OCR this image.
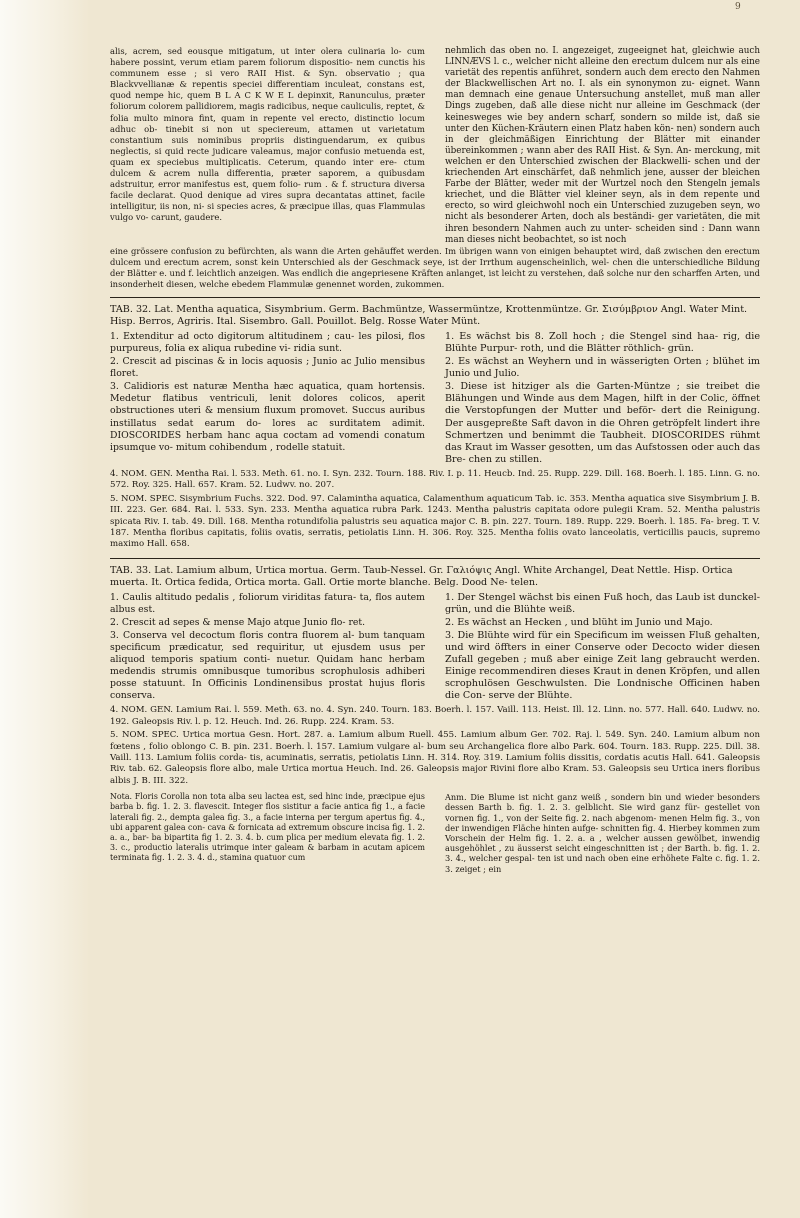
9

alis, acrem, sed eousque mitigatum, ut inter olera culinaria lo- cum habere possint, verum etiam parem foliorum dispositio- nem cunctis his communem esse ; si vero RAII Hist. & Syn. observatio ; qua Blackvvellianæ & repentis speciei differentiam inculeat, constans est, quod nempe hic, quem B L A C K W E L depinxit, Ranunculus, præter foliorum colorem pallidiorem, magis radicibus, neque cauliculis, reptet, & folia multo minora fint, quam in repente vel erecto, distinctio locum adhuc ob- tinebit si non ut speciereum, attamen ut varietatum constantium suis nominibus propriis distinguendarum, ex quibus neglectis, si quid recte judicare valeamus, major confusio metuenda est, quam ex speciebus multiplicatis. Ceterum, quando inter ere- ctum dulcem & acrem nulla differentia, præter saporem, a quibusdam adstruitur, error manifestus est, quem folio- rum . & f. structura diversa facile declarat. Quod denique ad vires supra decantatas attinet, facile intelligitur, iis non, ni- si species acres, & præcipue illas, quas Flammulas vulgo vo- carunt, gaudere.

nehmlich das oben no. I. angezeiget, zugeeignet hat, gleichwie auch LINNÆVS l. c., welcher nicht alleine den erectum dulcem nur als eine varietät des repentis anführet, sondern auch dem erecto den Nahmen der Blackwellischen Art no. I. als ein synonymon zu- eignet. Wann man demnach eine genaue Untersuchung anstellet, muß man aller Dings zugeben, daß alle diese nicht nur alleine im Geschmack (der keinesweges wie bey andern scharf, sondern so milde ist, daß sie unter den Küchen-Kräutern einen Platz haben kön- nen) sondern auch in der gleichmäßigen Einrichtung der Blätter mit einander übereinkommen ; wann aber des RAII Hist. & Syn. An- merckung, mit welchen er den Unterschied zwischen der Blackwelli- schen und der kriechenden Art einschärfet, daß nehmlich jene, ausser der bleichen Farbe der Blätter, weder mit der Wurtzel noch den Stengeln jemals kriechet, und die Blätter viel kleiner seyn, als in dem repente und erecto, so wird gleichwohl noch ein Unterschied zuzugeben seyn, wo nicht als besonderer Arten, doch als beständi- ger varietäten, die mit ihren besondern Nahmen auch zu unter- scheiden sind : Dann wann man dieses nicht beobachtet, so ist noch

eine grössere confusion zu befürchten, als wann die Arten gehäuffet werden. Im übrigen wann von einigen behauptet wird, daß zwischen den erectum dulcem und erectum acrem, sonst kein Unterschied als der Geschmack seye, ist der Irrthum augenscheinlich, wel- chen die unterschiedliche Bildung der Blätter e. und f. leichtlich anzeigen. Was endlich die angepriesene Kräften anlanget, ist leicht zu verstehen, daß solche nur den scharffen Arten, und insonderheit diesen, welche ebedem Flammulæ genennet worden, zukommen.

TAB. 32. Lat. Mentha aquatica, Sisymbrium. Germ. Bachmüntze, Wassermüntze, Krottenmüntze. Gr. Σισύμβριον Angl. Water Mint. Hisp. Berros, Agriris. Ital. Sisembro. Gall. Pouillot. Belg. Rosse Water Münt.

1. Extenditur ad octo digitorum altitudinem ; cau- les pilosi, flos purpureus, folia ex aliqua rubedine vi- ridia sunt.

2. Crescit ad piscinas & in locis aquosis ; Junio ac Julio mensibus floret.

3. Calidioris est naturæ Mentha hæc aquatica, quam hortensis. Medetur flatibus ventriculi, lenit dolores colicos, aperit obstructiones uteri & mensium fluxum promovet. Succus auribus instillatus sedat earum do- lores ac surditatem adimit. DIOSCORIDES herbam hanc aqua coctam ad vomendi conatum ipsumque vo- mitum cohibendum , rodelle statuit.

1. Es wächst bis 8. Zoll hoch ; die Stengel sind haa- rig, die Blühte Purpur- roth, und die Blätter röthlich- grün.

2. Es wächst an Weyhern und in wässerigten Orten ; blühet im Junio und Julio.

3. Diese ist hitziger als die Garten-Müntze ; sie treibet die Blähungen und Winde aus dem Magen, hilft in der Colic, öffnet die Verstopfungen der Mutter und beför- dert die Reinigung. Der ausgepreßte Saft davon in die Ohren getröpfelt lindert ihre Schmertzen und benimmt die Taubheit. DIOSCORIDES rühmt das Kraut im Wasser gesotten, um das Aufstossen oder auch das Bre- chen zu stillen.

4. NOM. GEN. Mentha Rai. l. 533. Meth. 61. no. I. Syn. 232. Tourn. 188. Riv. I. p. 11. Heucb. Ind. 25. Rupp. 229. Dill. 168. Boerh. l. 185. Linn. G. no. 572. Roy. 325. Hall. 657. Kram. 52. Ludwv. no. 207.

5. NOM. SPEC. Sisymbrium Fuchs. 322. Dod. 97. Calamintha aquatica, Calamenthum aquaticum Tab. ic. 353. Mentha aquatica sive Sisymbrium J. B. III. 223. Ger. 684. Rai. l. 533. Syn. 233. Mentha aquatica rubra Park. 1243. Mentha palustris capitata odore pulegii Kram. 52. Mentha palustris spicata Riv. I. tab. 49. Dill. 168. Mentha rotundifolia palustris seu aquatica major C. B. pin. 227. Tourn. 189. Rupp. 229. Boerh. l. 185. Fa- breg. T. V. 187. Mentha floribus capitatis, foliis ovatis, serratis, petiolatis Linn. H. 306. Roy. 325. Mentha foliis ovato lanceolatis, verticillis paucis, supremo maximo Hall. 658.

TAB. 33. Lat. Lamium album, Urtica mortua. Germ. Taub-Nessel. Gr. Γαλιόψις Angl. White Archangel, Deat Nettle. Hisp. Ortica muerta. It. Ortica fedida, Ortica morta. Gall. Ortie morte blanche. Belg. Dood Ne- telen.

1. Caulis altitudo pedalis , foliorum viriditas fatura- ta, flos autem albus est.

2. Crescit ad sepes & mense Majo atque Junio flo- ret.

3. Conserva vel decoctum floris contra fluorem al- bum tanquam specificum prædicatur, sed requiritur, ut ejusdem usus per aliquod temporis spatium conti- nuetur. Quidam hanc herbam medendis strumis omnibusque tumoribus scrophulosis adhiberi posse statuunt. In Officinis Londinensibus prostat hujus floris conserva.

1. Der Stengel wächst bis einen Fuß hoch, das Laub ist dunckel-grün, und die Blühte weiß.

2. Es wächst an Hecken , und blüht im Junio und Majo.

3. Die Blühte wird für ein Specificum im weissen Fluß gehalten, und wird öffters in einer Conserve oder Decocto wider diesen Zufall gegeben ; muß aber einige Zeit lang gebraucht werden. Einige recommendiren dieses Kraut in denen Kröpfen, und allen scrophulösen Geschwulsten. Die Londnische Officinen haben die Con- serve der Blühte.

4. NOM. GEN. Lamium Rai. l. 559. Meth. 63. no. 4. Syn. 240. Tourn. 183. Boerh. l. 157. Vaill. 113. Heist. Ill. 12. Linn. no. 577. Hall. 640. Ludwv. no. 192. Galeopsis Riv. l. p. 12. Heuch. Ind. 26. Rupp. 224. Kram. 53.

5. NOM. SPEC. Urtica mortua Gesn. Hort. 287. a. Lamium album Ruell. 455. Lamium album Ger. 702. Raj. l. 549. Syn. 240. Lamium album non fœtens , folio oblongo C. B. pin. 231. Boerh. l. 157. Lamium vulgare al- bum seu Archangelica flore albo Park. 604. Tourn. 183. Rupp. 225. Dill. 38. Vaill. 113. Lamium foliis corda- tis, acuminatis, serratis, petiolatis Linn. H. 314. Roy. 319. Lamium foliis dissitis, cordatis acutis Hall. 641. Galeopsis Riv. tab. 62. Galeopsis flore albo, male Urtica mortua Heuch. Ind. 26. Galeopsis major Rivini flore albo Kram. 53. Galeopsis seu Urtica iners floribus albis J. B. III. 322.

Nota. Floris Corolla non tota alba seu lactea est, sed hinc inde, præcipue ejus barba b. fig. 1. 2. 3. flavescit. Integer flos sistitur a facie antica fig 1., a facie laterali fig. 2., dempta galea fig. 3., a facie interna per tergum apertus fig. 4., ubi apparent galea con- cava & fornicata ad extremum obscure incisa fig. 1. 2. a. a., bar- ba bipartita fig 1. 2. 3. 4. b. cum plica per medium elevata fig. 1. 2. 3. c., productio lateralis utrimque inter galeam & barbam in acutam apicem terminata fig. 1. 2. 3. 4. d., stamina quatuor cum

Anm. Die Blume ist nicht ganz weiß , sondern bin und wieder besonders dessen Barth b. fig. 1. 2. 3. gelblicht. Sie wird ganz für- gestellet von vornen fig. 1., von der Seite fig. 2. nach abgenom- menen Helm fig. 3., von der inwendigen Fläche hinten aufge- schnitten fig. 4. Hierbey kommen zum Vorschein der Helm fig. 1. 2. a. a , welcher aussen gewölbet, inwendig ausgehöhlet , zu äusserst seicht eingeschnitten ist ; der Barth. b. fig. 1. 2. 3. 4., welcher gespal- ten ist und nach oben eine erhöhete Falte c. fig. 1. 2. 3. zeiget ; ein
